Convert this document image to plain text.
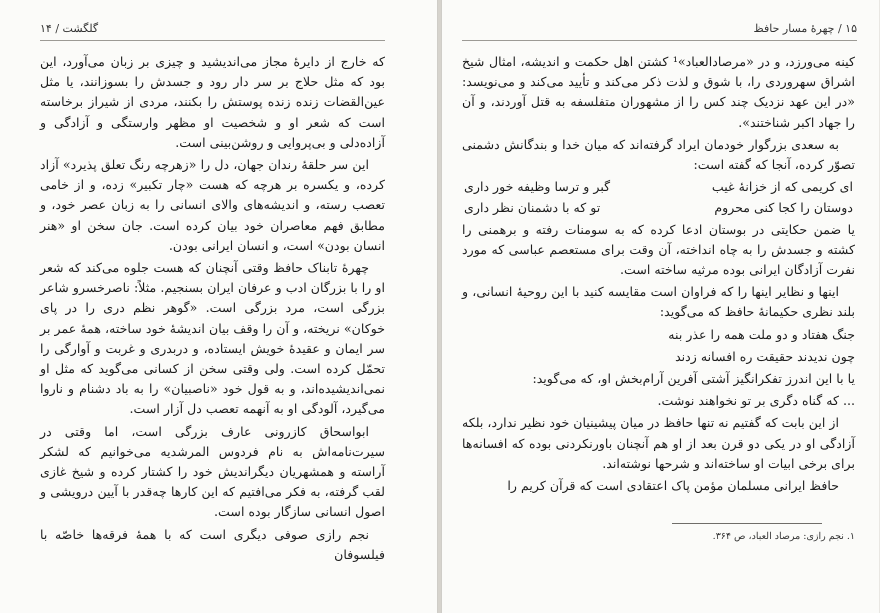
گلگشت / ۱۴

که خارج از دایرهٔ مجاز می‌اندیشید و چیزی بر زبان می‌آورد، این بود که مثل حلاج بر سر دار رود و جسدش را بسوزانند، یا مثل عین‌القضات زنده زنده پوستش را بکنند، مردی از شیراز برخاسته است که شعر او و شخصیت او مظهر وارستگی و آزادگی و آزاده‌دلی و بی‌پروایی و روشن‌بینی است.

این سر حلقهٔ رندان جهان، دل را «زهرچه رنگ تعلق پذیرد» آزاد کرده، و یکسره بر هرچه که هست «چار تکبیر» زده، و از خامی تعصب رسته، و اندیشه‌های والای انسانی را به زبان عصر خود، و مطابق فهم معاصران خود بیان کرده است. جان سخن او «هنر انسان بودن» است، و انسان ایرانی بودن.

چهرهٔ تابناک حافظ وقتی آنچنان که هست جلوه می‌کند که شعر او را با بزرگان ادب و عرفان ایران بسنجیم. مثلاً: ناصرخسرو شاعر بزرگی است، مرد بزرگی است. «گوهر نظم دری را در پای خوکان» نریخته، و آن را وقف بیان اندیشهٔ خود ساخته، همهٔ عمر بر سر ایمان و عقیدهٔ خویش ایستاده، و دربدری و غربت و آوارگی را تحمّل کرده است. ولی وقتی سخن از کسانی می‌گوید که مثل او نمی‌اندیشیده‌اند، و به قول خود «ناصبیان» را به باد دشنام و ناروا می‌گیرد، آلودگی او به آنهمه تعصب دل آزار است.

ابواسحاق کازرونی عارف بزرگی است، اما وقتی در سیرت‌نامه‌اش به نام فردوس المرشدیه می‌خوانیم که لشکر آراسته و همشهریان دیگراندیش خود را کشتار کرده و شیخ غازی لقب گرفته، به فکر می‌افتیم که این کارها چه‌قدر با آیین درویشی و اصول انسانی سازگار بوده است.

نجم رازی صوفی دیگری است که با همهٔ فرقه‌ها خاصّه با فیلسوفان

۱۵ / چهرهٔ مسار حافظ

کینه می‌ورزد، و در «مرصادالعباد»¹ کشتن اهل حکمت و اندیشه، امثال شیخ اشراق سهروردی را، با شوق و لذت ذکر می‌کند و تأیید می‌کند و می‌نویسد: «در این عهد نزدیک چند کس را از مشهوران متفلسفه به قتل آوردند، و آن را جهاد اکبر شناختند».

به سعدی بزرگوار خودمان ایراد گرفته‌اند که میان خدا و بندگانش دشمنی تصوّر کرده، آنجا که گفته است:

ای کریمی که از خزانهٔ غیب
گبر و ترسا وظیفه خور داری
دوستان را کجا کنی محروم
تو که با دشمنان نظر داری

یا ضمن حکایتی در بوستان ادعا کرده که به سومنات رفته و برهمنی را کشته و جسدش را به چاه انداخته، آن وقت برای مستعصم عباسی که مورد نفرت آزادگان ایرانی بوده مرثیه ساخته است.

اینها و نظایر اینها را که فراوان است مقایسه کنید با این روحیهٔ انسانی، و بلند نظری حکیمانهٔ حافظ که می‌گوید:

جنگ هفتاد و دو ملت همه را عذر بنه

چون ندیدند حقیقت ره افسانه زدند

یا با این اندرز تفکرانگیز آشتی آفرین آرام‌بخش او، که می‌گوید:

... که گناه دگری بر تو نخواهند نوشت.

از این بابت که گفتیم نه تنها حافظ در میان پیشینیان خود نظیر ندارد، بلکه آزادگی او در یکی دو قرن بعد از او هم آنچنان باورنکردنی بوده که افسانه‌ها برای برخی ابیات او ساخته‌اند و شرحها نوشته‌اند.

حافظ ایرانی مسلمان مؤمن پاک اعتقادی است که قرآن کریم را

۱. نجم رازی: مرصاد العباد، ص ۳۶۴.
